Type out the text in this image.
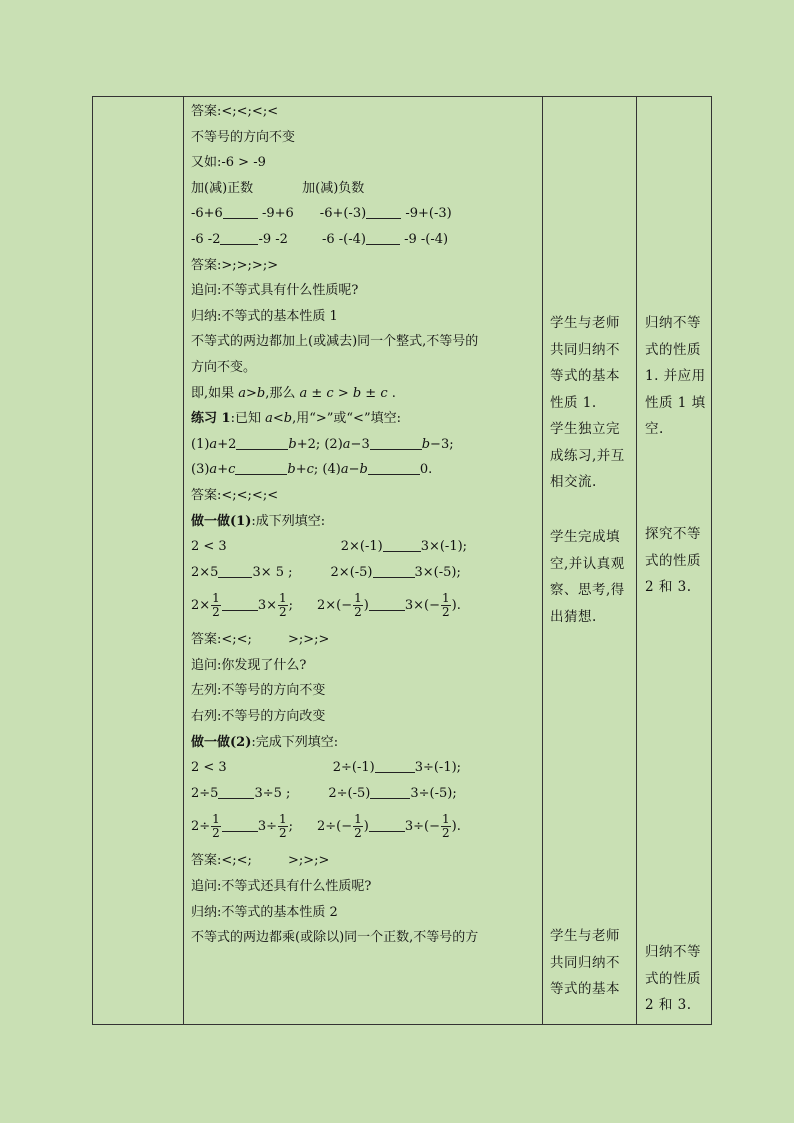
答案:<;<;<;<
不等号的方向不变
又如:-6 > -9
加(减)正数	加(减)负数
-6+6	-9+6 -6+(-3)	-9+(-3)
-6 -2	-9 -2	-6 -(-4)	-9 -(-4)
答案:>;>;>;>
追问:不等式具有什么性质呢?
归纳:不等式的基本性质 1
不等式的两边都加上(或减去)同一个整式,不等号的
方向不变。
即,如果 a>b,那么 a ± c > b ± c .
练习 1:已知 a<b,用“>”或“<”填空:
(1)a+2	b+2; (2)a−3	b−3;
(3)a+c	b+c; (4)a−b	0.
答案:<;<;<;<
做一做(1):成下列填空:
2 < 3	2×(-1)	3×(-1);
2×5	3× 5 ;	2×(-5)	3×(-5);
$2\times \frac{1}{2}$	$3\times \frac{1}{2}$ ; $2\times(- \frac{1}{2}$ )	$3\times(- \frac{1}{2}$ ).
答案:<;<;	>;>;>
追问:你发现了什么?
左列:不等号的方向不变
右列:不等号的方向改变
做一做(2):完成下列填空:
2 < 3	2÷(-1)	3÷(-1);
2÷5	3÷5 ;	2÷(-5)	3÷(-5);
$2\div \frac{1}{2}$	$3\div \frac{1}{2}$ ; $2\div(- \frac{1}{2}$ )	$3\div(- \frac{1}{2}$ ).
答案:<;<;	>;>;>
追问:不等式还具有什么性质呢?
归纳:不等式的基本性质 2
不等式的两边都乘(或除以)同一个正数,不等号的方

学生与老师
共同归纳不
等式的基本
性质 1.
学生独立完
成练习,并互
相交流.

学生完成填
空,并认真观
察、思考,得
出猜想.

学生与老师
共同归纳不
等式的基本

归纳不等
式的性质
1. 并应用
性质 1 填
空.

探究不等
式的性质
2 和 3.

归纳不等
式的性质
2 和 3.
